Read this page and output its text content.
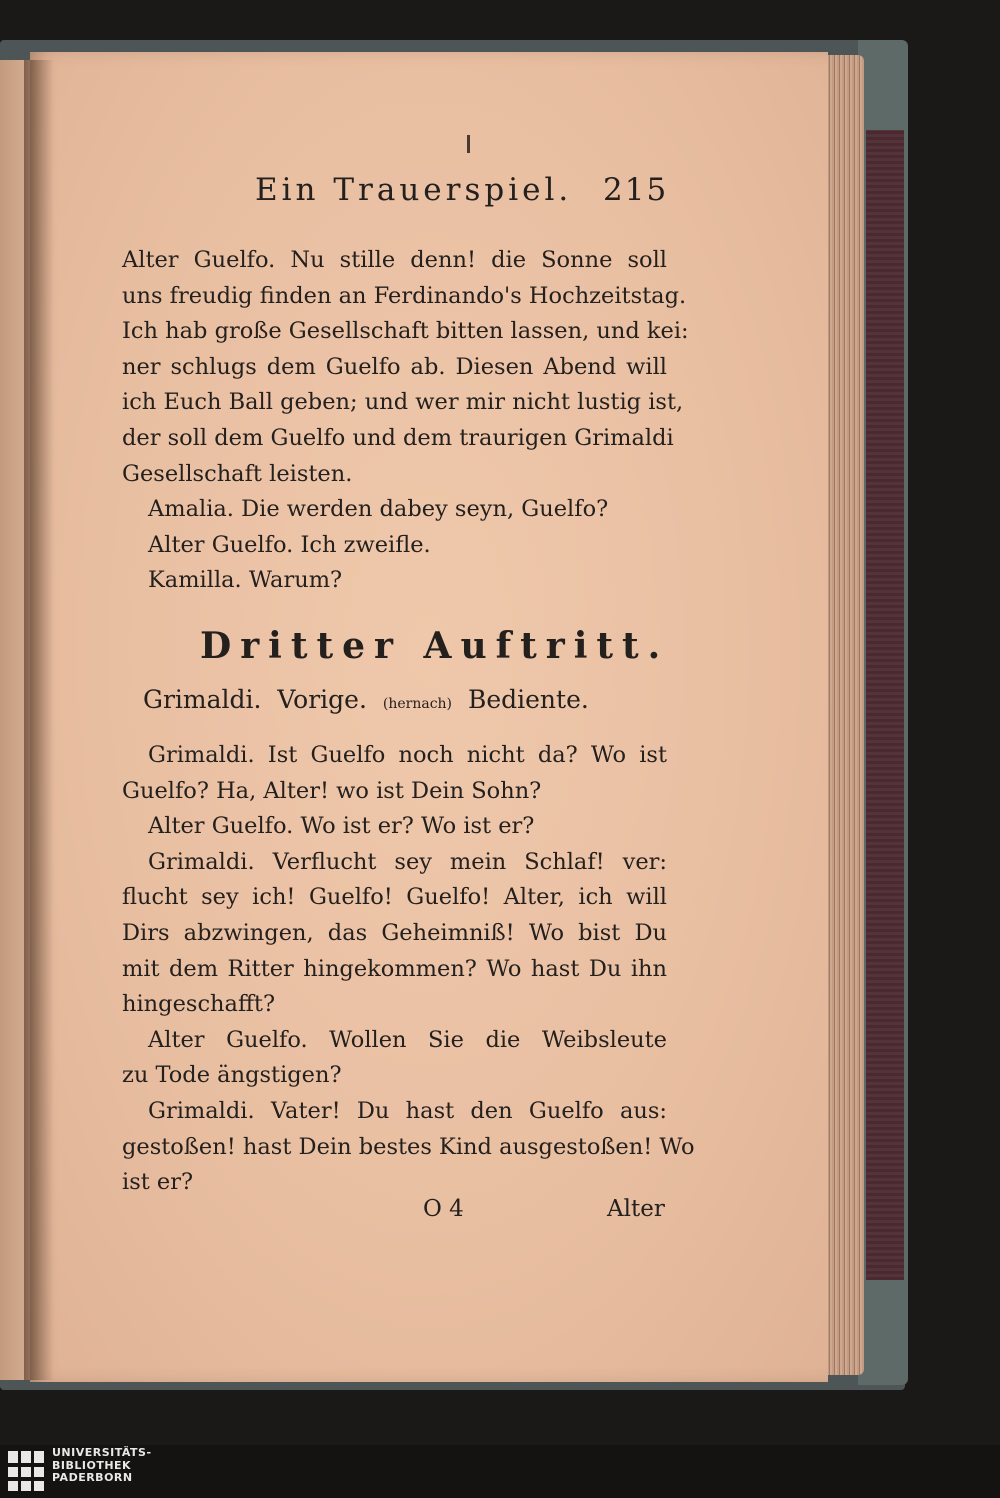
Ein Trauerspiel. 215
Alter Guelfo. Nu stille denn! die Sonne soll
uns freudig finden an Ferdinando's Hochzeitstag.
Ich hab große Gesellschaft bitten lassen, und kei:
ner schlugs dem Guelfo ab. Diesen Abend will
ich Euch Ball geben; und wer mir nicht lustig ist,
der soll dem Guelfo und dem traurigen Grimaldi
Gesellschaft leisten.
Amalia. Die werden dabey seyn, Guelfo?
Alter Guelfo. Ich zweifle.
Kamilla. Warum?
Dritter Auftritt.
Grimaldi. Vorige. (hernach) Bediente.
Grimaldi. Ist Guelfo noch nicht da? Wo ist
Guelfo? Ha, Alter! wo ist Dein Sohn?
Alter Guelfo. Wo ist er? Wo ist er?
Grimaldi. Verflucht sey mein Schlaf! ver:
flucht sey ich! Guelfo! Guelfo! Alter, ich will
Dirs abzwingen, das Geheimniß! Wo bist Du
mit dem Ritter hingekommen? Wo hast Du ihn
hingeschafft?
Alter Guelfo. Wollen Sie die Weibsleute
zu Tode ängstigen?
Grimaldi. Vater! Du hast den Guelfo aus:
gestoßen! hast Dein bestes Kind ausgestoßen! Wo
ist er?
O 4	Alter
UNIVERSITÄTS-
BIBLIOTHEK
PADERBORN
